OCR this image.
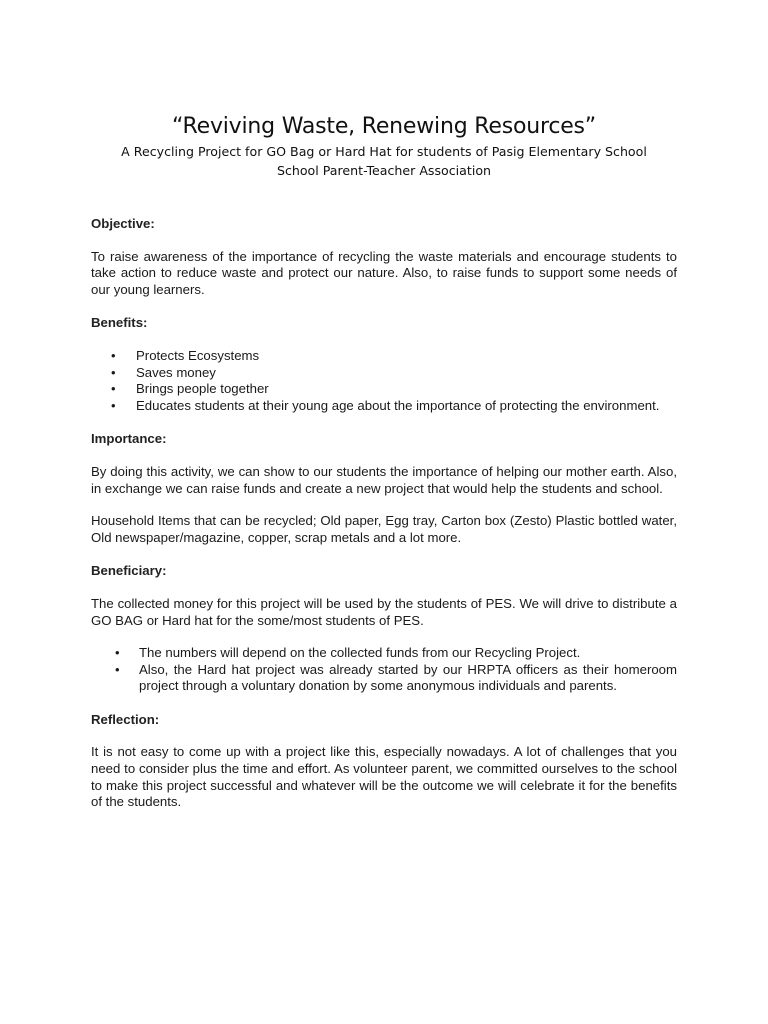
“Reviving Waste, Renewing Resources”
A Recycling Project for GO Bag or Hard Hat for students of Pasig Elementary School
School Parent-Teacher Association

Objective:

To raise awareness of the importance of recycling the waste materials and encourage students to take action to reduce waste and protect our nature. Also, to raise funds to support some needs of our young learners.

Benefits:

• Protects Ecosystems
• Saves money
• Brings people together
• Educates students at their young age about the importance of protecting the environment.

Importance:

By doing this activity, we can show to our students the importance of helping our mother earth. Also, in exchange we can raise funds and create a new project that would help the students and school.

Household Items that can be recycled; Old paper, Egg tray, Carton box (Zesto) Plastic bottled water, Old newspaper/magazine, copper, scrap metals and a lot more.

Beneficiary:

The collected money for this project will be used by the students of PES. We will drive to distribute a GO BAG or Hard hat for the some/most students of PES.

• The numbers will depend on the collected funds from our Recycling Project.
• Also, the Hard hat project was already started by our HRPTA officers as their homeroom project through a voluntary donation by some anonymous individuals and parents.

Reflection:

It is not easy to come up with a project like this, especially nowadays. A lot of challenges that you need to consider plus the time and effort. As volunteer parent, we committed ourselves to the school to make this project successful and whatever will be the outcome we will celebrate it for the benefits of the students.
